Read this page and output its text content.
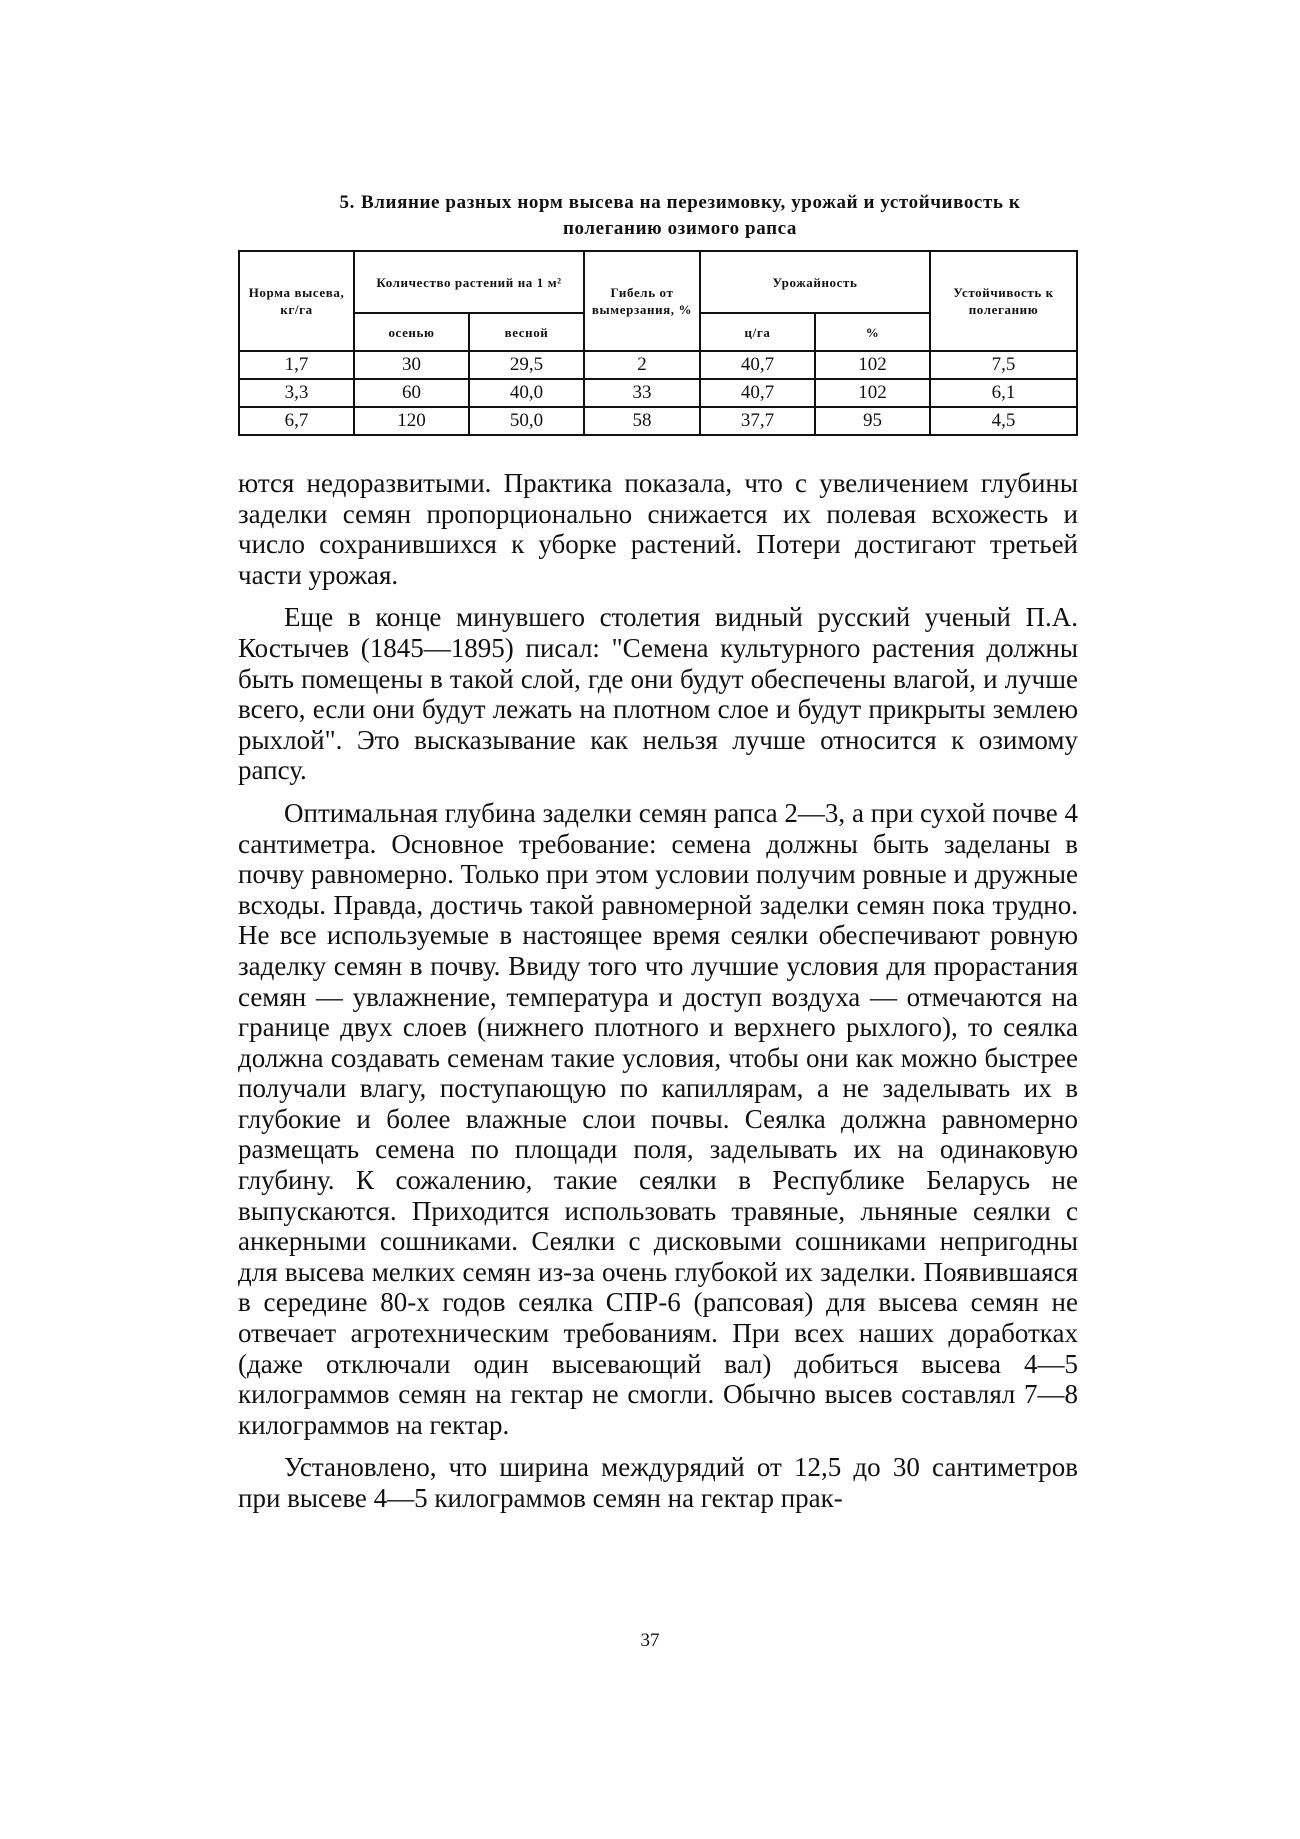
5. Влияние разных норм высева на перезимовку, урожай и устойчивость к полеганию озимого рапса
Норма высева, кг/га	Количество растений на 1 м²		Гибель от вымерзания, %	Урожайность		Устойчивость к полеганию
	осенью	весной		ц/га	%	
1,7	30	29,5	2	40,7	102	7,5
3,3	60	40,0	33	40,7	102	6,1
6,7	120	50,0	58	37,7	95	4,5

ются недоразвитыми. Практика показала, что с увеличением глубины заделки семян пропорционально снижается их полевая всхожесть и число сохранившихся к уборке растений. Потери достигают третьей части урожая.

Еще в конце минувшего столетия видный русский ученый П.А. Костычев (1845—1895) писал: "Семена культурного растения должны быть помещены в такой слой, где они будут обеспечены влагой, и лучше всего, если они будут лежать на плотном слое и будут прикрыты землею рыхлой". Это высказывание как нельзя лучше относится к озимому рапсу.

Оптимальная глубина заделки семян рапса 2—3, а при сухой почве 4 сантиметра. Основное требование: семена должны быть заделаны в почву равномерно. Только при этом условии получим ровные и дружные всходы. Правда, достичь такой равномерной заделки семян пока трудно. Не все используемые в настоящее время сеялки обеспечивают ровную заделку семян в почву. Ввиду того что лучшие условия для прорастания семян — увлажнение, температура и доступ воздуха — отмечаются на границе двух слоев (нижнего плотного и верхнего рыхлого), то сеялка должна создавать семенам такие условия, чтобы они как можно быстрее получали влагу, поступающую по капиллярам, а не заделывать их в глубокие и более влажные слои почвы. Сеялка должна равномерно размещать семена по площади поля, заделывать их на одинаковую глубину. К сожалению, такие сеялки в Республике Беларусь не выпускаются. Приходится использовать травяные, льняные сеялки с анкерными сошниками. Сеялки с дисковыми сошниками непригодны для высева мелких семян из-за очень глубокой их заделки. Появившаяся в середине 80-х годов сеялка СПР-6 (рапсовая) для высева семян не отвечает агротехническим требованиям. При всех наших доработках (даже отключали один высевающий вал) добиться высева 4—5 килограммов семян на гектар не смогли. Обычно высев составлял 7—8 килограммов на гектар.

Установлено, что ширина междурядий от 12,5 до 30 сантиметров при высеве 4—5 килограммов семян на гектар прак-

37
